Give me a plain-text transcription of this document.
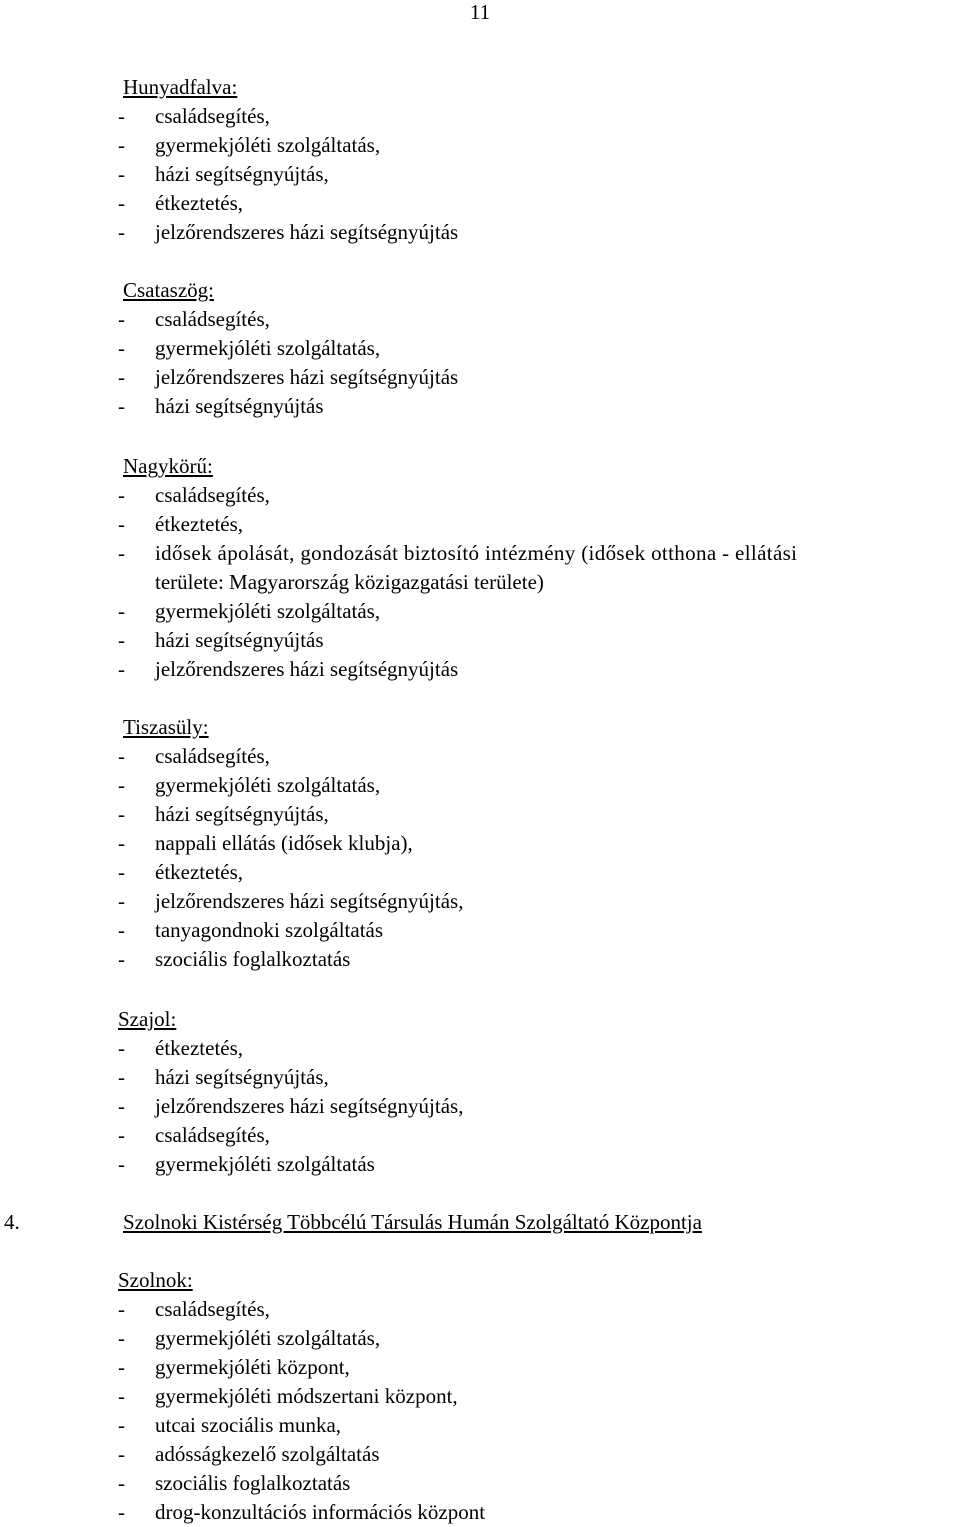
11
Hunyadfalva:
- családsegítés,
- gyermekjóléti szolgáltatás,
- házi segítségnyújtás,
- étkeztetés,
- jelzőrendszeres házi segítségnyújtás
Csataszög:
- családsegítés,
- gyermekjóléti szolgáltatás,
- jelzőrendszeres házi segítségnyújtás
- házi segítségnyújtás
Nagykörű:
- családsegítés,
- étkeztetés,
- idősek ápolását, gondozását biztosító intézmény (idősek otthona - ellátási
területe: Magyarország közigazgatási területe)
- gyermekjóléti szolgáltatás,
- házi segítségnyújtás
- jelzőrendszeres házi segítségnyújtás
Tiszasüly:
- családsegítés,
- gyermekjóléti szolgáltatás,
- házi segítségnyújtás,
- nappali ellátás (idősek klubja),
- étkeztetés,
- jelzőrendszeres házi segítségnyújtás,
- tanyagondnoki szolgáltatás
- szociális foglalkoztatás
Szajol:
- étkeztetés,
- házi segítségnyújtás,
- jelzőrendszeres házi segítségnyújtás,
- családsegítés,
- gyermekjóléti szolgáltatás
4.	Szolnoki Kistérség Többcélú Társulás Humán Szolgáltató Központja
Szolnok:
- családsegítés,
- gyermekjóléti szolgáltatás,
- gyermekjóléti központ,
- gyermekjóléti módszertani központ,
- utcai szociális munka,
- adósságkezelő szolgáltatás
- szociális foglalkoztatás
- drog-konzultációs információs központ
